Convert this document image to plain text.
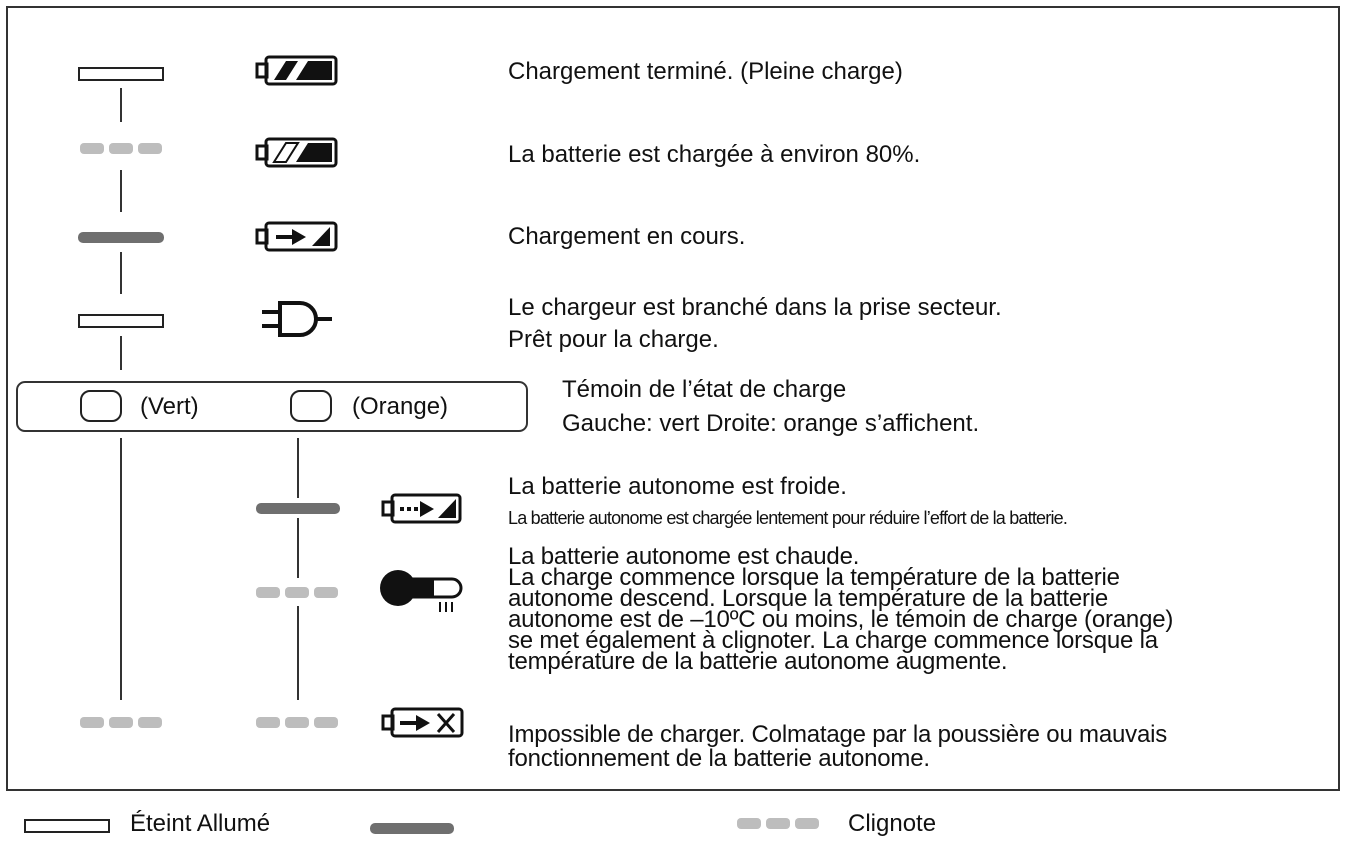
Chargement terminé. (Pleine charge)

La batterie est chargée à environ 80%.

Chargement en cours.

Le chargeur est branché dans la prise secteur.

Prêt pour la charge.

(Vert)	(Orange)

Témoin de l’état de charge

Gauche: vert Droite: orange s’affichent.

La batterie autonome est froide.

La batterie autonome est chargée lentement pour réduire l’effort de la batterie.

La batterie autonome est chaude.

La charge commence lorsque la température de la batterie

autonome descend. Lorsque la température de la batterie

autonome est de –10ºC ou moins, le témoin de charge (orange)

se met également à clignoter. La charge commence lorsque la

température de la batterie autonome augmente.

Impossible de charger. Colmatage par la poussière ou mauvais

fonctionnement de la batterie autonome.

Éteint Allumé	Clignote
